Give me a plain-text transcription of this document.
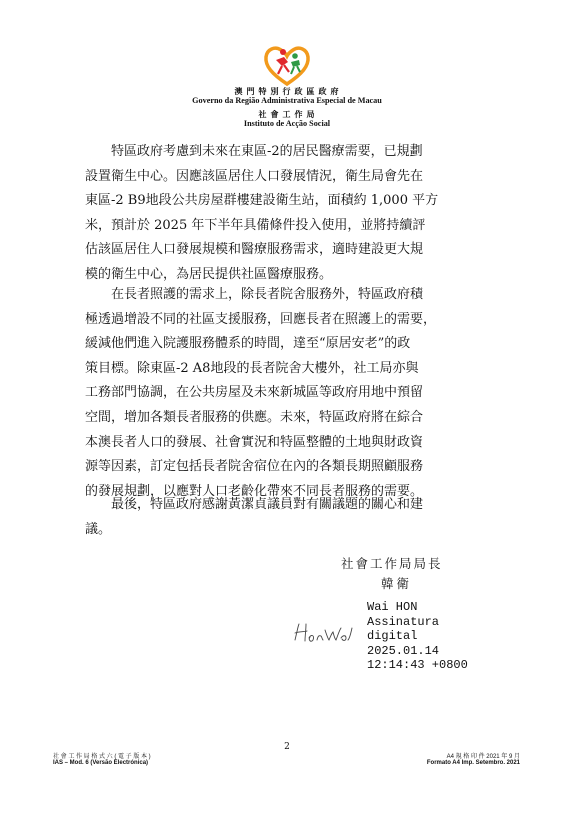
澳 門 特 別 行 政 區 政 府
Governo da Região Administrativa Especial de Macau
社 會 工 作 局
Instituto de Acção Social
　　特區政府考慮到未來在東區-2的居民醫療需要，已規劃
設置衛生中心。因應該區居住人口發展情況，衛生局會先在
東區-2 B9地段公共房屋群樓建設衛生站，面積約 1,000 平方
米，預計於 2025 年下半年具備條件投入使用，並將持續評
估該區居住人口發展規模和醫療服務需求，適時建設更大規
模的衛生中心，為居民提供社區醫療服務。
　　在長者照護的需求上，除長者院舍服務外，特區政府積
極透過增設不同的社區支援服務，回應長者在照護上的需要，
緩減他們進入院護服務體系的時間，達至“原居安老”的政
策目標。除東區-2 A8地段的長者院舍大樓外，社工局亦與
工務部門協調，在公共房屋及未來新城區等政府用地中預留
空間，增加各類長者服務的供應。未來，特區政府將在綜合
本澳長者人口的發展、社會實況和特區整體的土地與財政資
源等因素，訂定包括長者院舍宿位在內的各類長期照顧服務
的發展規劃，以應對人口老齡化帶來不同長者服務的需要。
　　最後，特區政府感謝黃潔貞議員對有關議題的關心和建
議。
社會工作局局長
韓衛
Wai HON
Assinatura
digital
2025.01.14
12:14:43 +0800
2
社 會 工 作 局 格 式 六 ( 電 子 版 本 )
IAS – Mod. 6 (Versão Electrónica)
A4 規 格 印 件 2021 年 9 月
Formato A4 Imp. Setembro. 2021
